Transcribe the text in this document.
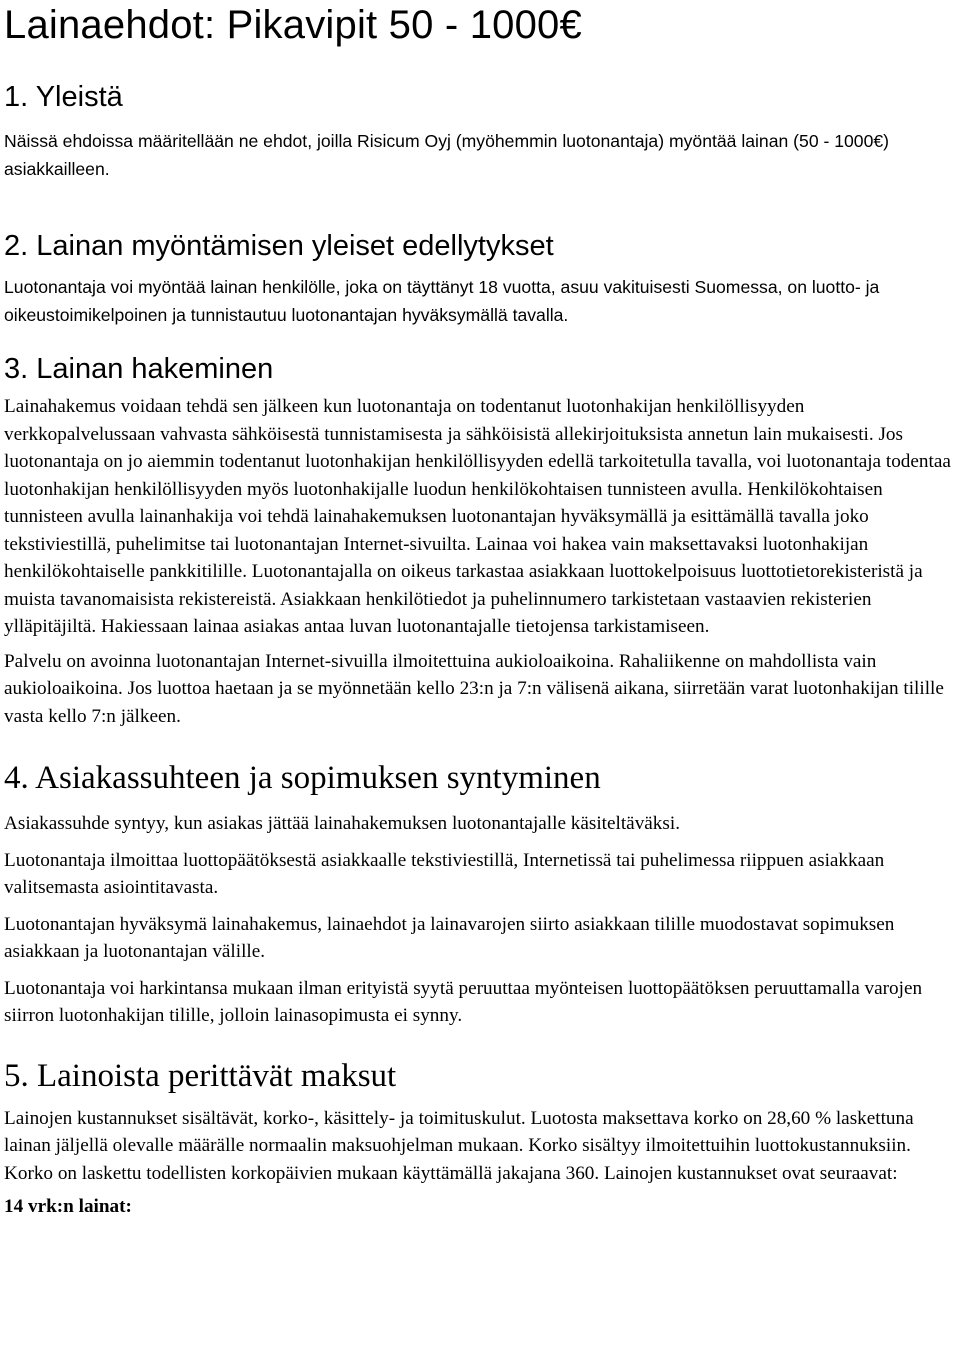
Lainaehdot: Pikavipit 50 - 1000€
1. Yleistä

Näissä ehdoissa määritellään ne ehdot, joilla Risicum Oyj (myöhemmin luotonantaja) myöntää lainan (50 - 1000€) asiakkailleen.

2. Lainan myöntämisen yleiset edellytykset

Luotonantaja voi myöntää lainan henkilölle, joka on täyttänyt 18 vuotta, asuu vakituisesti Suomessa, on luotto- ja oikeustoimikelpoinen ja tunnistautuu luotonantajan hyväksymällä tavalla.

3. Lainan hakeminen

Lainahakemus voidaan tehdä sen jälkeen kun luotonantaja on todentanut luotonhakijan henkilöllisyyden verkkopalvelussaan vahvasta sähköisestä tunnistamisesta ja sähköisistä allekirjoituksista annetun lain mukaisesti. Jos luotonantaja on jo aiemmin todentanut luotonhakijan henkilöllisyyden edellä tarkoitetulla tavalla, voi luotonantaja todentaa luotonhakijan henkilöllisyyden myös luotonhakijalle luodun henkilökohtaisen tunnisteen avulla. Henkilökohtaisen tunnisteen avulla lainanhakija voi tehdä lainahakemuksen luotonantajan hyväksymällä ja esittämällä tavalla joko tekstiviestillä, puhelimitse tai luotonantajan Internet-sivuilta. Lainaa voi hakea vain maksettavaksi luotonhakijan henkilökohtaiselle pankkitilille. Luotonantajalla on oikeus tarkastaa asiakkaan luottokelpoisuus luottotietorekisteristä ja muista tavanomaisista rekistereistä. Asiakkaan henkilötiedot ja puhelinnumero tarkistetaan vastaavien rekisterien ylläpitäjiltä. Hakiessaan lainaa asiakas antaa luvan luotonantajalle tietojensa tarkistamiseen.

Palvelu on avoinna luotonantajan Internet-sivuilla ilmoitettuina aukioloaikoina. Rahaliikenne on mahdollista vain aukioloaikoina. Jos luottoa haetaan ja se myönnetään kello 23:n ja 7:n välisenä aikana, siirretään varat luotonhakijan tilille vasta kello 7:n jälkeen.

4. Asiakassuhteen ja sopimuksen syntyminen

Asiakassuhde syntyy, kun asiakas jättää lainahakemuksen luotonantajalle käsiteltäväksi.

Luotonantaja ilmoittaa luottopäätöksestä asiakkaalle tekstiviestillä, Internetissä tai puhelimessa riippuen asiakkaan valitsemasta asiointitavasta.

Luotonantajan hyväksymä lainahakemus, lainaehdot ja lainavarojen siirto asiakkaan tilille muodostavat sopimuksen asiakkaan ja luotonantajan välille.

Luotonantaja voi harkintansa mukaan ilman erityistä syytä peruuttaa myönteisen luottopäätöksen peruuttamalla varojen siirron luotonhakijan tilille, jolloin lainasopimusta ei synny.

5. Lainoista perittävät maksut

Lainojen kustannukset sisältävät, korko-, käsittely- ja toimituskulut. Luotosta maksettava korko on 28,60 % laskettuna lainan jäljellä olevalle määrälle normaalin maksuohjelman mukaan. Korko sisältyy ilmoitettuihin luottokustannuksiin. Korko on laskettu todellisten korkopäivien mukaan käyttämällä jakajana 360. Lainojen kustannukset ovat seuraavat:

14 vrk:n lainat:
